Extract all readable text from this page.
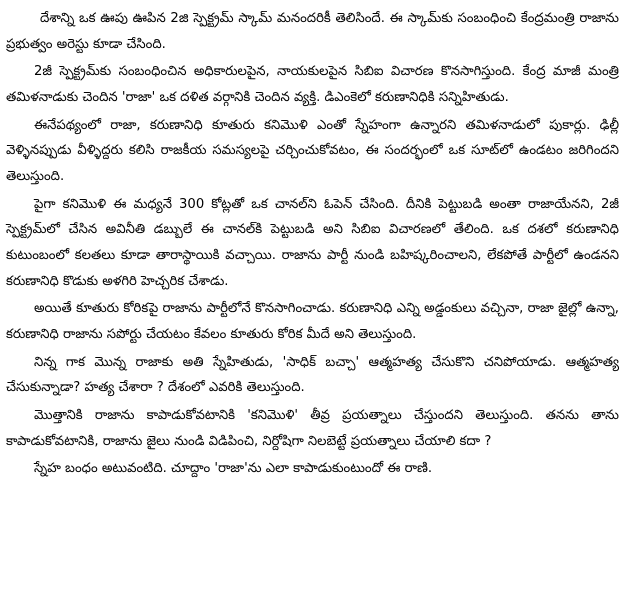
దేశాన్ని ఒక ఊపు ఊపిన 2జి స్పెక్ట్రమ్ స్కామ్ మనందరికీ తెలిసిందే. ఈ స్కామ్‌కు సంబంధించి కేంద్రమంత్రి రాజాను ప్రభుత్వం అరెస్టు కూడా చేసింది.

2జీ స్పెక్ట్రమ్‌కు సంబంధించిన అధికారులపైన, నాయకులపైన సిబిఐ విచారణ కొనసాగిస్తుంది. కేంద్ర మాజీ మంత్రి తమిళనాడుకు చెందిన 'రాజా' ఒక దళిత వర్గానికి చెందిన వ్యక్తి. డిఎంకెలో కరుణానిధికి సన్నిహితుడు.

ఈనేపథ్యంలో రాజా, కరుణానిధి కూతురు కనిమొళి ఎంతో స్నేహంగా ఉన్నారని తమిళనాడులో పుకార్లు. ఢిల్లీ వెళ్ళినప్పుడు వీళ్ళిద్దరు కలిసి రాజకీయ సమస్యలపై చర్చించుకోవటం, ఈ సందర్భంలో ఒక సూట్‌లో ఉండటం జరిగిందని తెలుస్తుంది.

పైగా కనిమొళి ఈ మధ్యనే 300 కోట్లతో ఒక చానల్‌ని ఓపెన్ చేసింది. దీనికి పెట్టుబడి అంతా రాజాయేనని, 2జీ స్పెక్ట్రమ్‌లో చేసిన అవినీతి డబ్బులే ఈ చానల్‌కి పెట్టుబడి అని సిబిఐ విచారణలో తేలింది. ఒక దశలో కరుణానిధి కుటుంబంలో కలతలు కూడా తారాస్థాయికి వచ్చాయి. రాజాను పార్టీ నుండి బహిష్కరించాలని, లేకపోతే పార్టీలో ఉండనని కరుణానిధి కొడుకు అళగిరి హెచ్చరిక చేశాడు.

అయితే కూతురు కోరికపై రాజాను పార్టీలోనే కొనసాగించాడు. కరుణానిధి ఎన్ని అడ్డంకులు వచ్చినా, రాజా జైల్లో ఉన్నా, కరుణానిధి రాజాను సపోర్టు చేయటం కేవలం కూతురు కోరిక మీదే అని తెలుస్తుంది.

నిన్న గాక మొన్న రాజాకు అతి స్నేహితుడు, 'సాధిక్ బచ్చా' ఆత్మహత్య చేసుకొని చనిపోయాడు. ఆత్మహత్య చేసుకున్నాడా? హత్య చేశారా ? దేశంలో ఎవరికి తెలుస్తుంది.

మొత్తానికి రాజాను కాపాడుకోవటానికి 'కనిమొళి' తీవ్ర ప్రయత్నాలు చేస్తుందని తెలుస్తుంది. తనను తాను కాపాడుకోవటానికి, రాజాను జైలు నుండి విడిపించి, నిర్దోషిగా నిలబెట్టే ప్రయత్నాలు చేయాలి కదా ?

స్నేహ బంధం అటువంటిది. చూద్దాం 'రాజా'ను ఎలా కాపాడుకుంటుందో ఈ రాణి.
